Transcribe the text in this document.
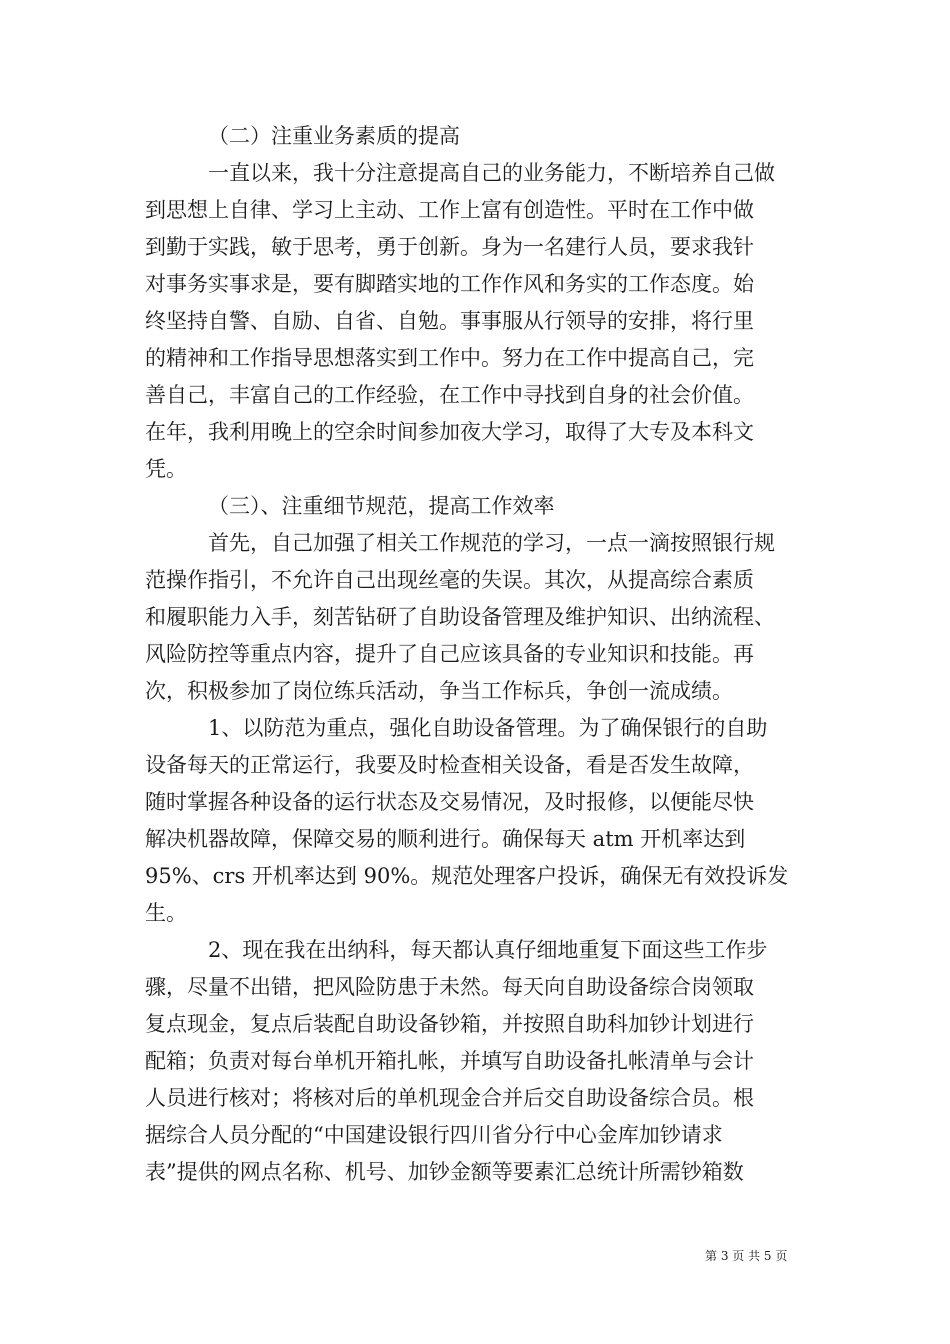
（二）注重业务素质的提高
一直以来，我十分注意提高自己的业务能力，不断培养自己做
到思想上自律、学习上主动、工作上富有创造性。平时在工作中做
到勤于实践，敏于思考，勇于创新。身为一名建行人员，要求我针
对事务实事求是，要有脚踏实地的工作作风和务实的工作态度。始
终坚持自警、自励、自省、自勉。事事服从行领导的安排，将行里
的精神和工作指导思想落实到工作中。努力在工作中提高自己，完
善自己，丰富自己的工作经验，在工作中寻找到自身的社会价值。
在年，我利用晚上的空余时间参加夜大学习，取得了大专及本科文
凭。
（三）、注重细节规范，提高工作效率
首先，自己加强了相关工作规范的学习，一点一滴按照银行规
范操作指引，不允许自己出现丝毫的失误。其次，从提高综合素质
和履职能力入手，刻苦钻研了自助设备管理及维护知识、出纳流程、
风险防控等重点内容，提升了自己应该具备的专业知识和技能。再
次，积极参加了岗位练兵活动，争当工作标兵，争创一流成绩。
1、以防范为重点，强化自助设备管理。为了确保银行的自助
设备每天的正常运行，我要及时检查相关设备，看是否发生故障，
随时掌握各种设备的运行状态及交易情况，及时报修，以便能尽快
解决机器故障，保障交易的顺利进行。确保每天 atm 开机率达到
95%、crs 开机率达到 90%。规范处理客户投诉，确保无有效投诉发
生。
2、现在我在出纳科，每天都认真仔细地重复下面这些工作步
骤，尽量不出错，把风险防患于未然。每天向自助设备综合岗领取
复点现金，复点后装配自助设备钞箱，并按照自助科加钞计划进行
配箱；负责对每台单机开箱扎帐，并填写自助设备扎帐清单与会计
人员进行核对；将核对后的单机现金合并后交自助设备综合员。根
据综合人员分配的“中国建设银行四川省分行中心金库加钞请求
表”提供的网点名称、机号、加钞金额等要素汇总统计所需钞箱数
第 3 页 共 5 页
